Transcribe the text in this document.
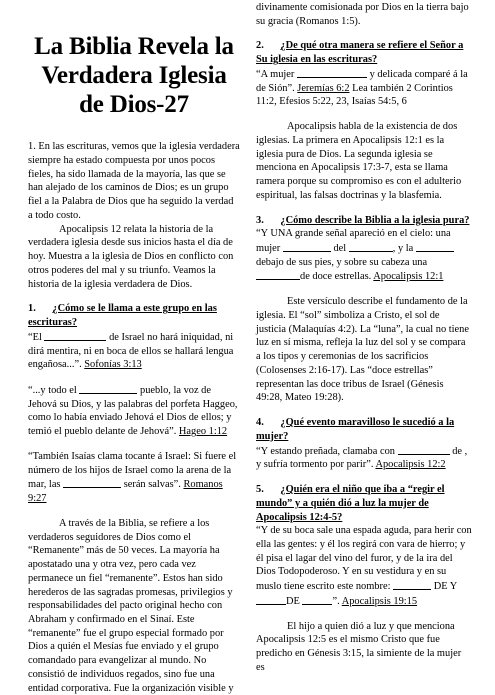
La Biblia Revela la Verdadera Iglesia de Dios-27

1. En las escrituras, vemos que la iglesia verdadera siempre ha estado compuesta por unos pocos fieles, ha sido llamada de la mayoría, las que se han alejado de los caminos de Dios; es un grupo fiel a la Palabra de Dios que ha seguido la verdad a todo costo.

Apocalipsis 12 relata la historia de la verdadera iglesia desde sus inicios hasta el día de hoy. Muestra a la iglesia de Dios en conflicto con otros poderes del mal y su triunfo. Veamos la historia de la iglesia verdadera de Dios.

1. ¿Cómo se le llama a este grupo en las escrituras?

“El	de Israel no hará iniquidad, ni dirá mentira, ni en boca de ellos se hallará lengua engañosa...”. Sofonías 3:13

“...y todo el	pueblo, la voz de Jehová su Dios, y las palabras del porfeta Haggeo, como lo había enviado Jehová el Dios de ellos; y temió el pueblo delante de Jehová”. Hageo 1:12

“También Isaías clama tocante á Israel: Si fuere el número de los hijos de Israel como la arena de la mar, las	serán salvas”. Romanos 9:27

A través de la Biblia, se refiere a los verdaderos seguidores de Dios como el “Remanente” más de 50 veces. La mayoría ha apostatado una y otra vez, pero cada vez permanece un fiel “remanente”. Estos han sido herederos de las sagradas promesas, privilegios y responsabilidades del pacto original hecho con Abraham y confirmado en el Sinaí. Este “remanente” fue el grupo especial formado por Dios a quién el Mesías fue enviado y el grupo comandado para evangelizar al mundo. No consistió de individuos regados, sino fue una entidad corporativa. Fue la organización visible y

divinamente comisionada por Dios en la tierra bajo su gracia (Romanos 1:5).

2. ¿De qué otra manera se refiere el Señor a Su iglesia en las escrituras?

“A mujer	y delicada comparé á la de Sión”. Jeremías 6:2 Lea también 2 Corintios 11:2, Efesios 5:22, 23, Isaías 54:5, 6

Apocalipsis habla de la existencia de dos iglesias. La primera en Apocalipsis 12:1 es la iglesia pura de Dios. La segunda iglesia se menciona en Apocalipsis 17:3-7, esta se llama ramera porque su compromiso es con el adulterio espiritual, las falsas doctrinas y la blasfemia.

3. ¿Cómo describe la Biblia a la iglesia pura?

“Y UNA grande señal apareció en el cielo: una mujer	del	, y la debajo de sus pies, y sobre su cabeza una de doce estrellas. Apocalipsis 12:1

Este versículo describe el fundamento de la iglesia. El “sol” simboliza a Cristo, el sol de justicia (Malaquías 4:2). La “luna”, la cual no tiene luz en sí misma, refleja la luz del sol y se compara a los tipos y ceremonias de los sacrificios (Colosenses 2:16-17). Las “doce estrellas” representan las doce tribus de Israel (Génesis 49:28, Mateo 19:28).

4. ¿Qué evento maravilloso le sucedió a la mujer?

“Y estando preñada, clamaba con	de , y sufría tormento por parir”. Apocalipsis 12:2

5. ¿Quién era el niño que iba a “regir el mundo” y a quién dió a luz la mujer de Apocalipsis 12:4-5?

“Y de su boca sale una espada aguda, para herir con ella las gentes: y él los regirá con vara de hierro; y él pisa el lagar del vino del furor, y de la ira del Dios Todopoderoso. Y en su vestidura y en su muslo tiene escrito este nombre:	DE Y DE	”. Apocalipsis 19:15

El hijo a quien dió a luz y que menciona Apocalipsis 12:5 es el mismo Cristo que fue predicho en Génesis 3:15, la simiente de la mujer es
